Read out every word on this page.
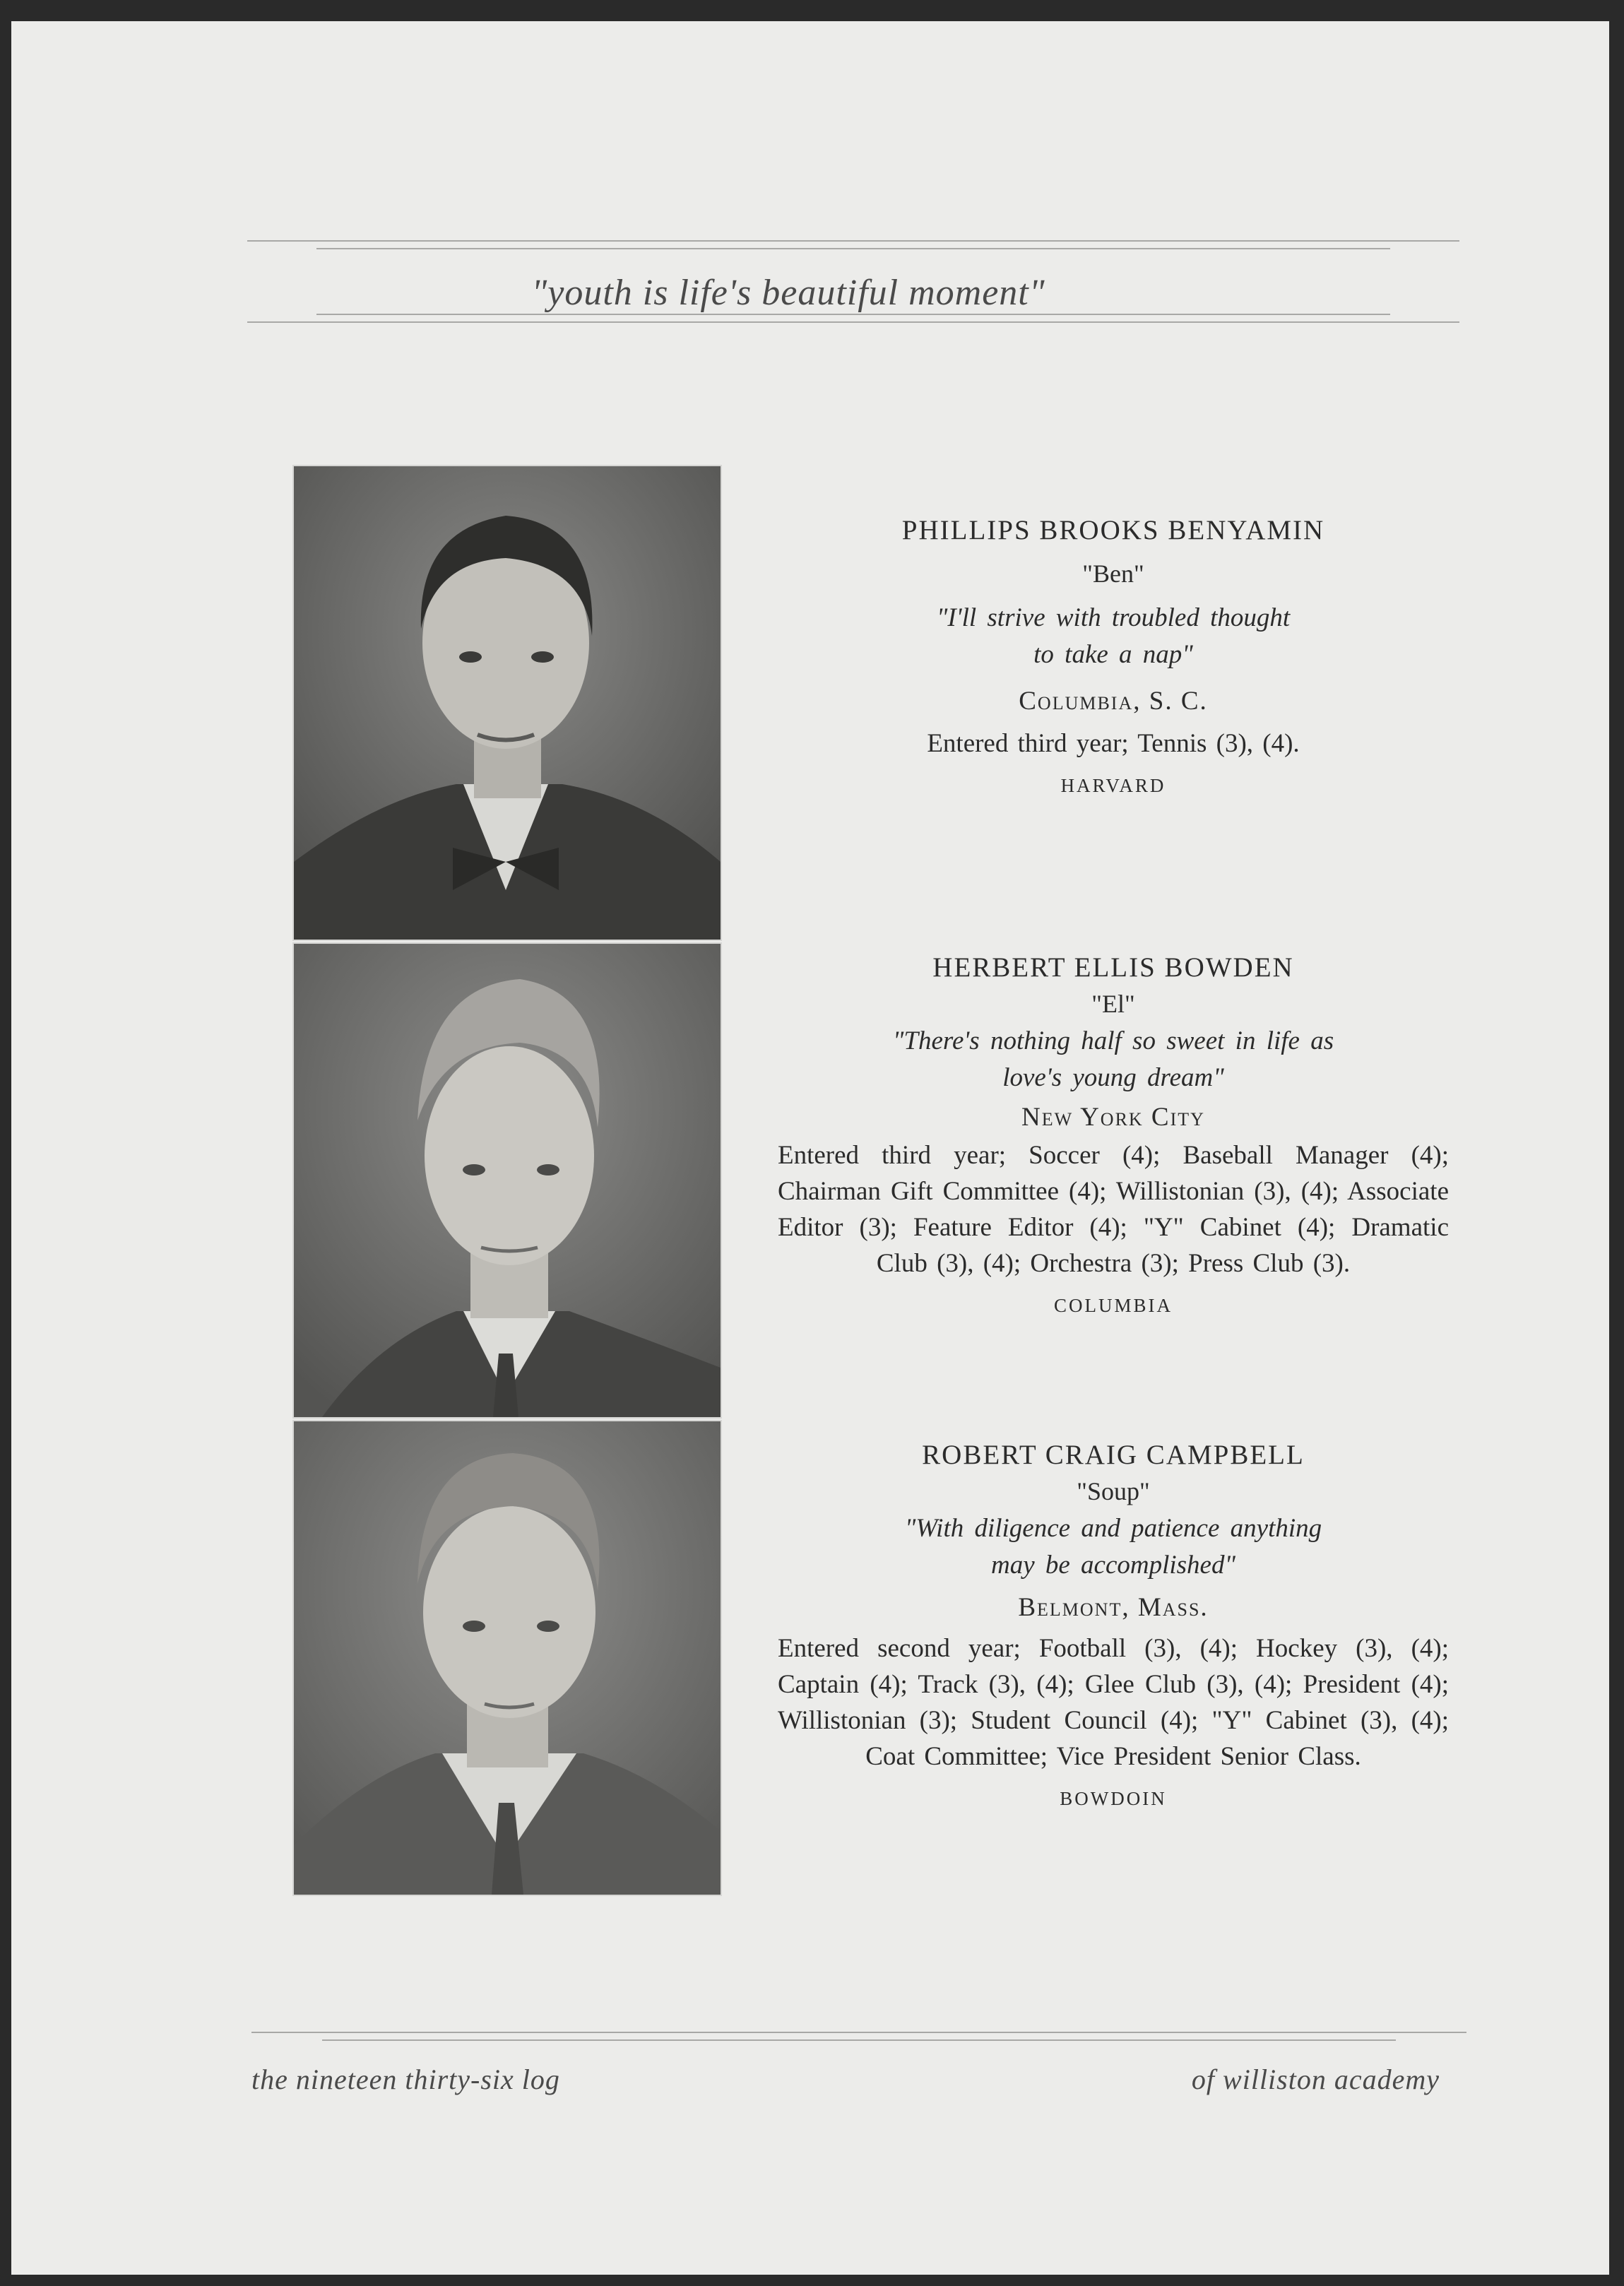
"youth is life's beautiful moment"
PHILLIPS BROOKS BENYAMIN
"Ben"
"I'll strive with troubled thought to take a nap"
Columbia, S. C.
Entered third year; Tennis (3), (4).
HARVARD
HERBERT ELLIS BOWDEN
"El"
"There's nothing half so sweet in life as love's young dream"
New York City
Entered third year; Soccer (4); Baseball Manager (4); Chairman Gift Committee (4); Willistonian (3), (4); Associate Editor (3); Feature Editor (4); "Y" Cabinet (4); Dramatic Club (3), (4); Orchestra (3); Press Club (3).
COLUMBIA
ROBERT CRAIG CAMPBELL
"Soup"
"With diligence and patience anything may be accomplished"
Belmont, Mass.
Entered second year; Football (3), (4); Hockey (3), (4); Captain (4); Track (3), (4); Glee Club (3), (4); President (4); Willistonian (3); Student Council (4); "Y" Cabinet (3), (4); Coat Committee; Vice President Senior Class.
BOWDOIN
the nineteen thirty-six log	of williston academy
